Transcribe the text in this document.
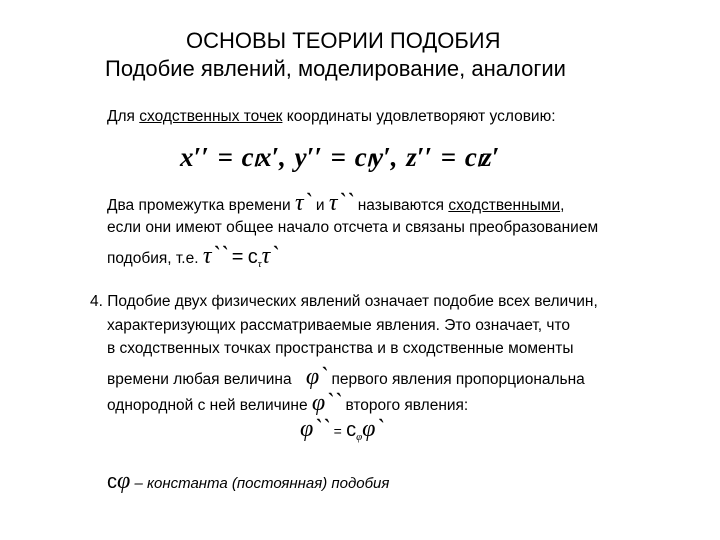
ОСНОВЫ ТЕОРИИ ПОДОБИЯ
Подобие явлений, моделирование, аналогии
Для сходственных точек координаты удовлетворяют условию:
x′′ = cₗx′, y′′ = cₗy′, z′′ = cₗz′
Два промежутка времени τ` и τ`` называются сходственными,
если они имеют общее начало отсчета и связаны преобразованием
подобия, т.е. τ`` = $c_\tau\tau`$
4. Подобие двух физических явлений означает подобие всех величин,
характеризующих рассматриваемые явления. Это означает, что
в сходственных точках пространства и в сходственные моменты
времени любая величина φ` первого явления пропорциональна
однородной с ней величине φ`` второго явления:
φ`` = $c_\varphi\varphi`$
cφ – константа (постоянная) подобия
